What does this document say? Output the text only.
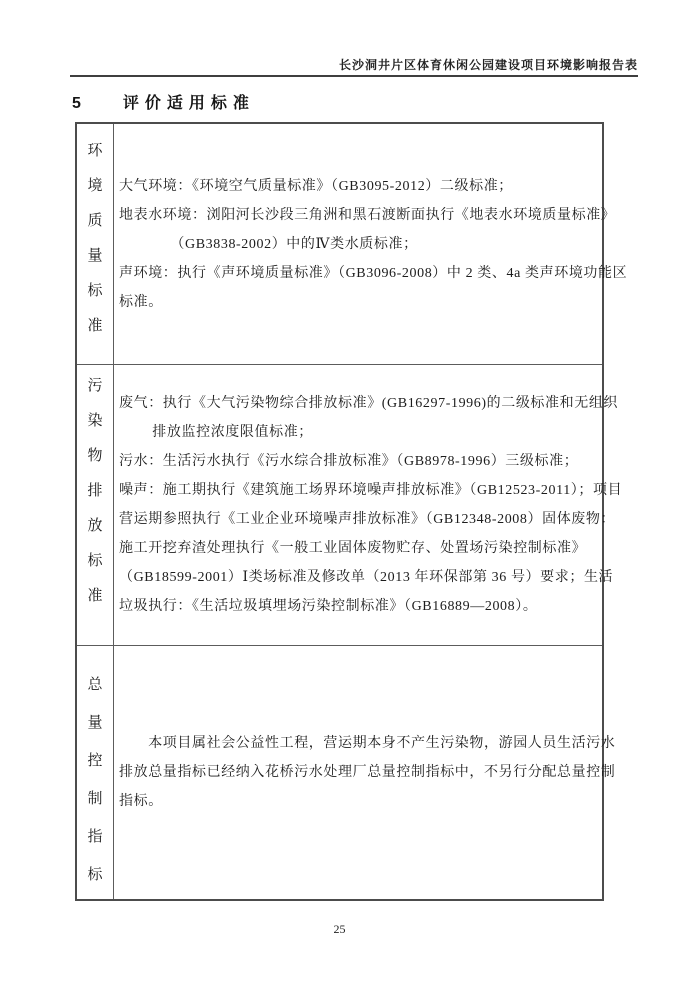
长沙洞井片区体育休闲公园建设项目环境影响报告表
5	评价适用标准
环
境
质
量
标
准
大气环境：《环境空气质量标准》（GB3095-2012）二级标准；
地表水环境：浏阳河长沙段三角洲和黑石渡断面执行《地表水环境质量标准》
　　　　（GB3838-2002）中的Ⅳ类水质标准；
声环境：执行《声环境质量标准》（GB3096-2008）中 2 类、4a 类声环境功能区
标准。
污
染
物
排
放
标
准
废气：执行《大气污染物综合排放标准》(GB16297-1996)的二级标准和无组织
　　 排放监控浓度限值标准；
污水：生活污水执行《污水综合排放标准》（GB8978-1996）三级标准；
噪声：施工期执行《建筑施工场界环境噪声排放标准》（GB12523-2011）；项目
营运期参照执行《工业企业环境噪声排放标准》（GB12348-2008）固体废物：
施工开挖弃渣处理执行《一般工业固体废物贮存、处置场污染控制标准》
（GB18599-2001）Ⅰ类场标准及修改单（2013 年环保部第 36 号）要求；生活
垃圾执行：《生活垃圾填埋场污染控制标准》（GB16889—2008）。
总
量
控
制
指
标
　　本项目属社会公益性工程，营运期本身不产生污染物，游园人员生活污水
排放总量指标已经纳入花桥污水处理厂总量控制指标中，不另行分配总量控制
指标。
25
